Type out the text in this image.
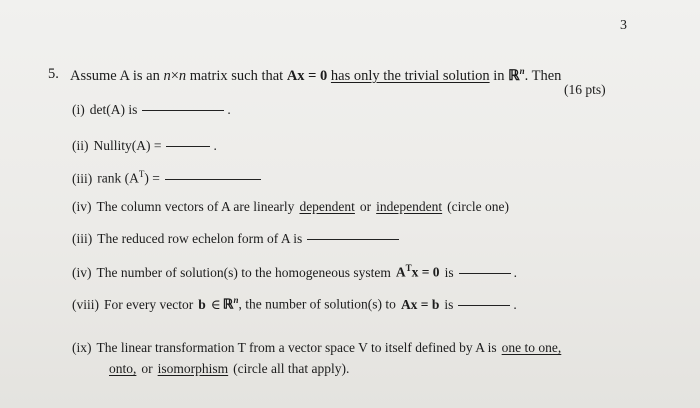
3
5. Assume A is an n×n matrix such that Ax = 0 has only the trivial solution in ℝ$^n$. Then
(16 pts)
(i) det(A) is	.
(ii) Nullity(A) =	.
(iii) rank $(A^T)$ =
(iv) The column vectors of A are linearly dependent or independent (circle one)
(iii) The reduced row echelon form of A is
(iv) The number of solution(s) to the homogeneous system $A^Tx = 0$ is	.
(viii) For every vector b ∈ ℝ$^n$, the number of solution(s) to Ax = b is	.
(ix) The linear transformation T from a vector space V to itself defined by A is one to one,
onto, or isomorphism (circle all that apply).
